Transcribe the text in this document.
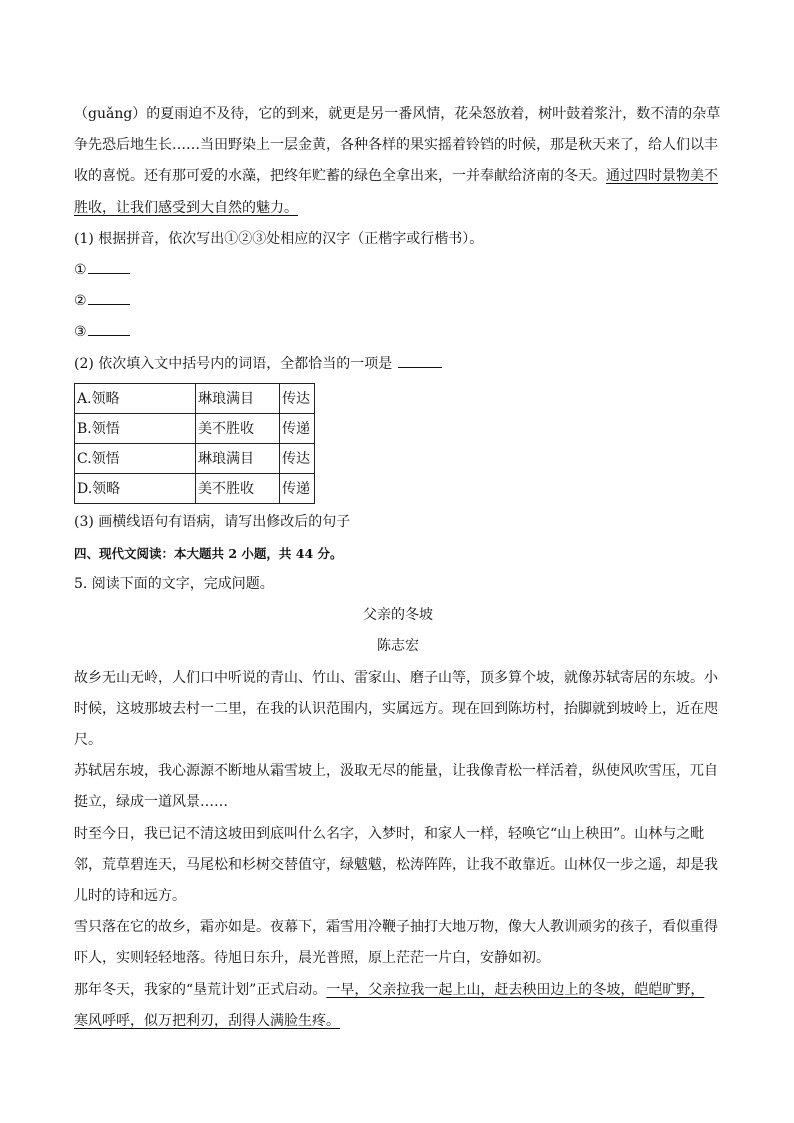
（guǎng）的夏雨迫不及待，它的到来，就更是另一番风情，花朵怒放着，树叶鼓着浆汁，数不清的杂草

争先恐后地生长……当田野染上一层金黄，各种各样的果实摇着铃铛的时候，那是秋天来了，给人们以丰

收的喜悦。还有那可爱的水藻，把终年贮蓄的绿色全拿出来，一并奉献给济南的冬天。通过四时景物美不

胜收，让我们感受到大自然的魅力。

(1) 根据拼音，依次写出①②③处相应的汉字（正楷字或行楷书）。

①

②

③

(2) 依次填入文中括号内的词语，全都恰当的一项是

A.领略	琳琅满目	传达
B.领悟	美不胜收	传递
C.领悟	琳琅满目	传达
D.领略	美不胜收	传递

(3) 画横线语句有语病，请写出修改后的句子

四、现代文阅读：本大题共 2 小题，共 44 分。

5. 阅读下面的文字，完成问题。

父亲的冬坡

陈志宏

故乡无山无岭，人们口中听说的青山、竹山、雷家山、磨子山等，顶多算个坡，就像苏轼寄居的东坡。小

时候，这坡那坡去村一二里，在我的认识范围内，实属远方。现在回到陈坊村，抬脚就到坡岭上，近在咫

尺。

苏轼居东坡，我心源源不断地从霜雪坡上，汲取无尽的能量，让我像青松一样活着，纵使风吹雪压，兀自

挺立，绿成一道风景……

时至今日，我已记不清这坡田到底叫什么名字，入梦时，和家人一样，轻唤它“山上秧田”。山林与之毗

邻，荒草碧连天，马尾松和杉树交替值守，绿魃魃，松涛阵阵，让我不敢靠近。山林仅一步之遥，却是我

儿时的诗和远方。

雪只落在它的故乡，霜亦如是。夜幕下，霜雪用冷鞭子抽打大地万物，像大人教训顽劣的孩子，看似重得

吓人，实则轻轻地落。待旭日东升，晨光普照，原上茫茫一片白，安静如初。

那年冬天，我家的“垦荒计划”正式启动。一早，父亲拉我一起上山，赶去秧田边上的冬坡，皑皑旷野，

寒风呼呼，似万把利刃，刮得人满脸生疼。
